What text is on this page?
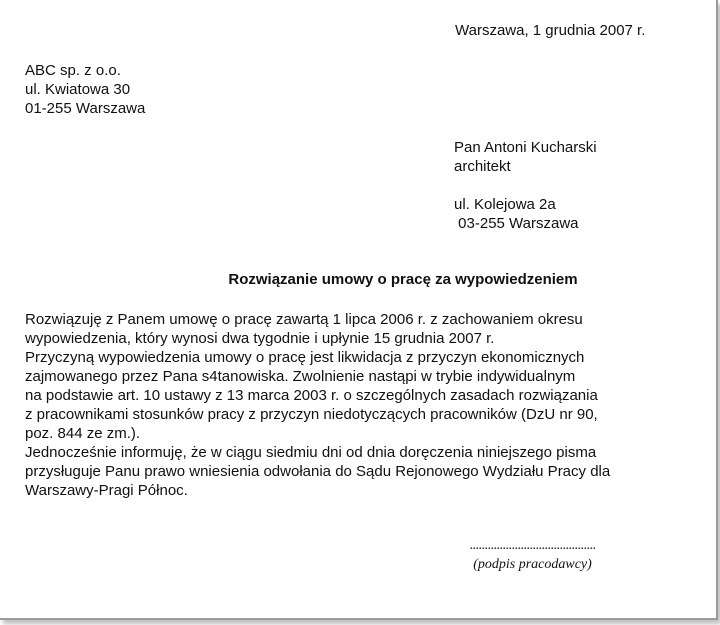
Warszawa, 1 grudnia 2007 r.
ABC sp. z o.o.
ul. Kwiatowa 30
01-255 Warszawa
Pan Antoni Kucharski
architekt
ul. Kolejowa 2a
03-255 Warszawa
Rozwiązanie umowy o pracę za wypowiedzeniem
Rozwiązuję z Panem umowę o pracę zawartą 1 lipca 2006 r. z zachowaniem okresu
wypowiedzenia, który wynosi dwa tygodnie i upłynie 15 grudnia 2007 r.
Przyczyną wypowiedzenia umowy o pracę jest likwidacja z przyczyn ekonomicznych
zajmowanego przez Pana s4tanowiska. Zwolnienie nastąpi w trybie indywidualnym
na podstawie art. 10 ustawy z 13 marca 2003 r. o szczególnych zasadach rozwiązania
z pracownikami stosunków pracy z przyczyn niedotyczących pracowników (DzU nr 90,
poz. 844 ze zm.).
Jednocześnie informuję, że w ciągu siedmiu dni od dnia doręczenia niniejszego pisma
przysługuje Panu prawo wniesienia odwołania do Sądu Rejonowego Wydziału Pracy dla
Warszawy-Pragi Północ.
..........................................
(podpis pracodawcy)
